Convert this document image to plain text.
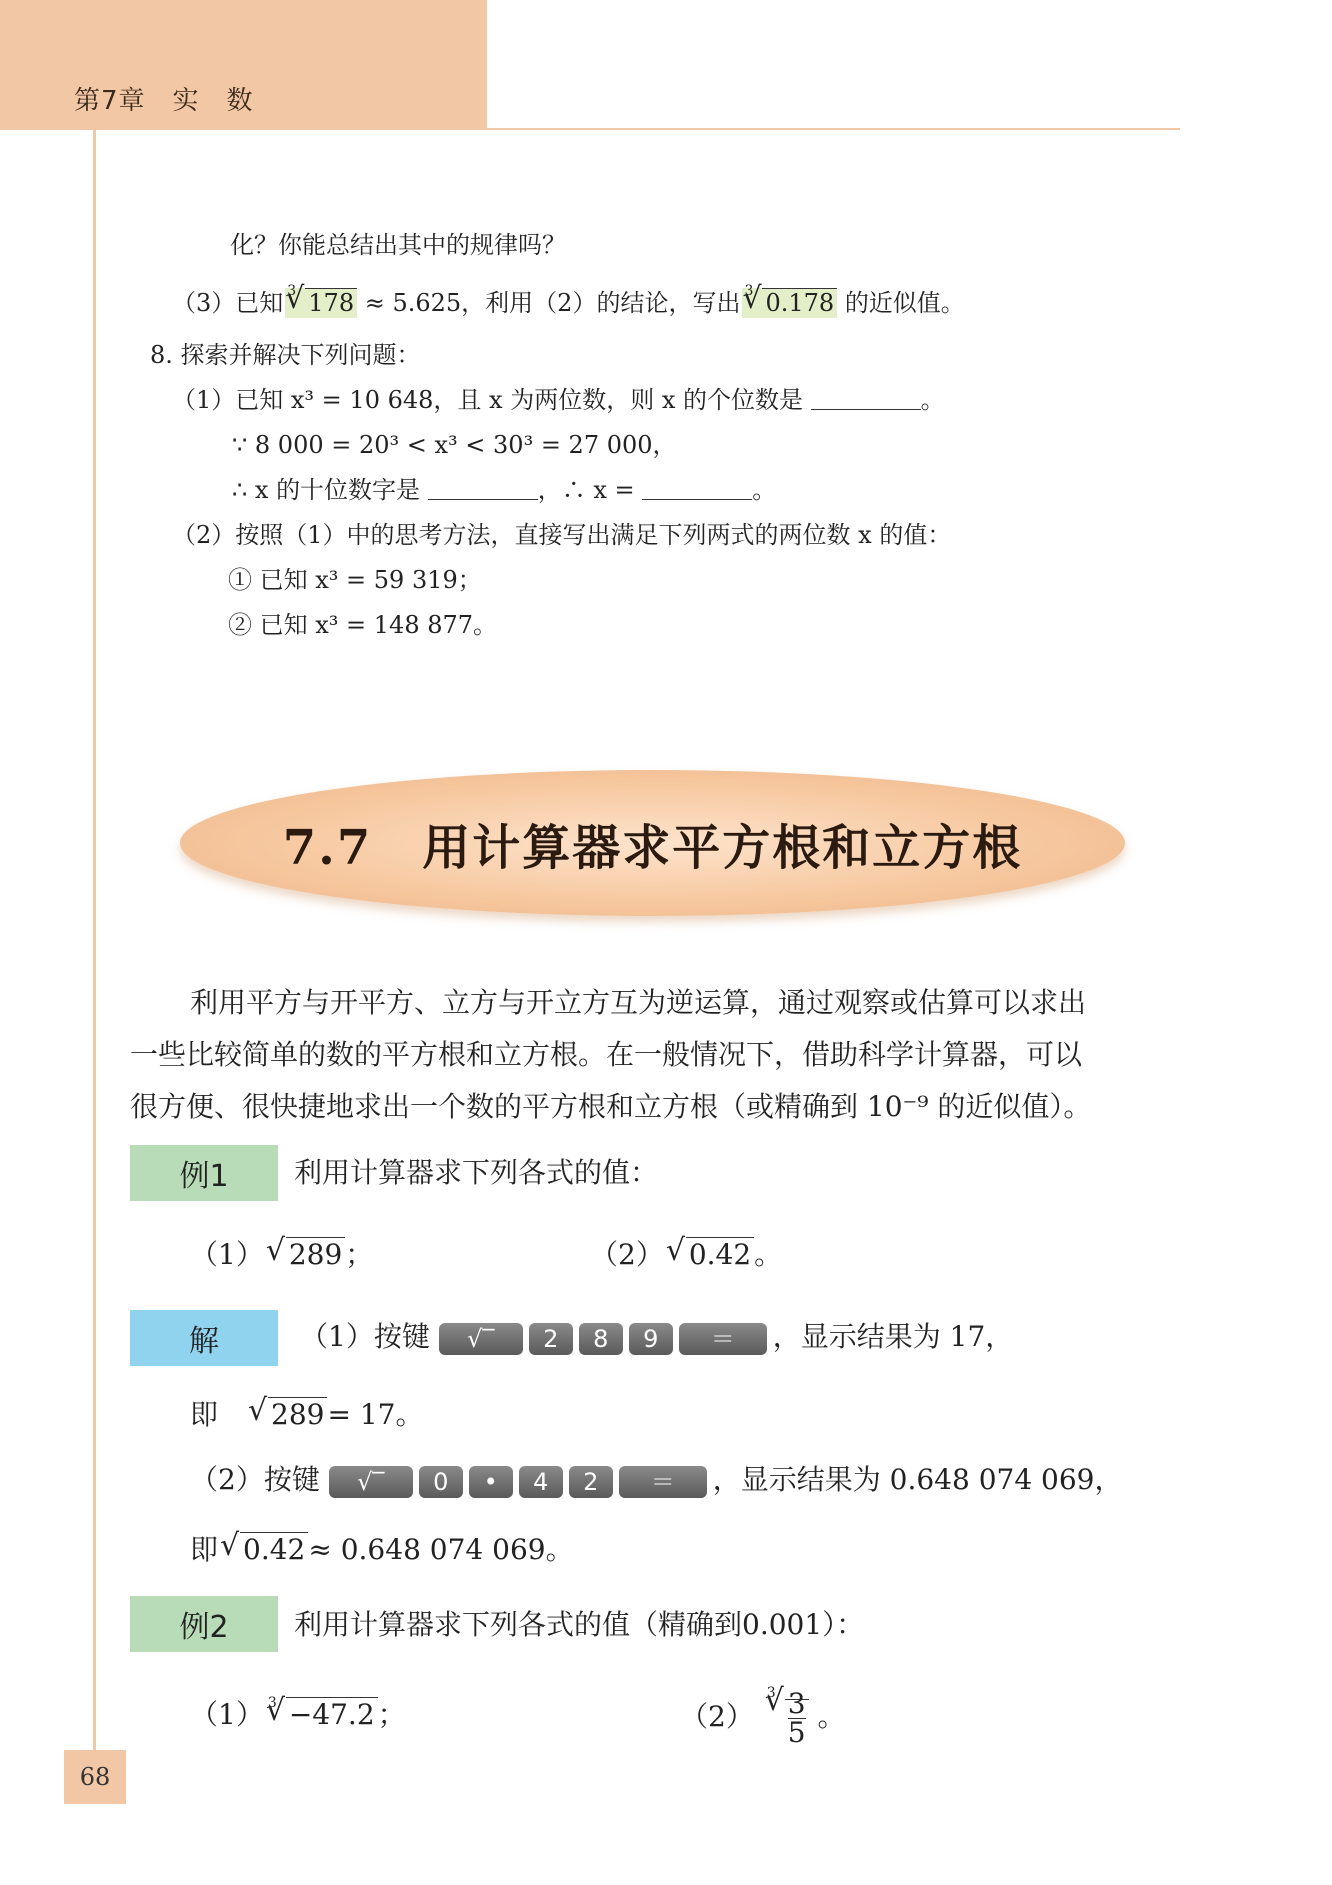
第7章　实　数
化？你能总结出其中的规律吗？
（3）已知 √ 3 178 ≈ 5.625，利用（2）的结论，写出 √ 3 0.178 的近似值。
8. 探索并解决下列问题：
（1）已知 x³ = 10 648，且 x 为两位数，则 x 的个位数是	。
∵ 8 000 = 20³ < x³ < 30³ = 27 000，
∴ x 的十位数字是	，∴ x =	。
（2）按照（1）中的思考方法，直接写出满足下列两式的两位数 x 的值：
① 已知 x³ = 59 319；
② 已知 x³ = 148 877。
7.7　用计算器求平方根和立方根
利用平方与开平方、立方与开立方互为逆运算，通过观察或估算可以求出
一些比较简单的数的平方根和立方根。在一般情况下，借助科学计算器，可以
很方便、很快捷地求出一个数的平方根和立方根（或精确到 10⁻⁹ 的近似值）。
例1	利用计算器求下列各式的值：
（1） √ 289 ；	（2） √ 0.42 。
解	（1）按键 √‾ 2 8 9 ＝ ，显示结果为 17，
即　 √ 289 = 17。
（2）按键 √‾ 0 • 4 2 ＝ ，显示结果为 0.648 074 069，
即 √ 0.42 ≈ 0.648 074 069。
例2	利用计算器求下列各式的值（精确到0.001）：
（1） √ 3 −47.2 ；	（2）
√ $3 \frac{3}{5}$ 。
68
